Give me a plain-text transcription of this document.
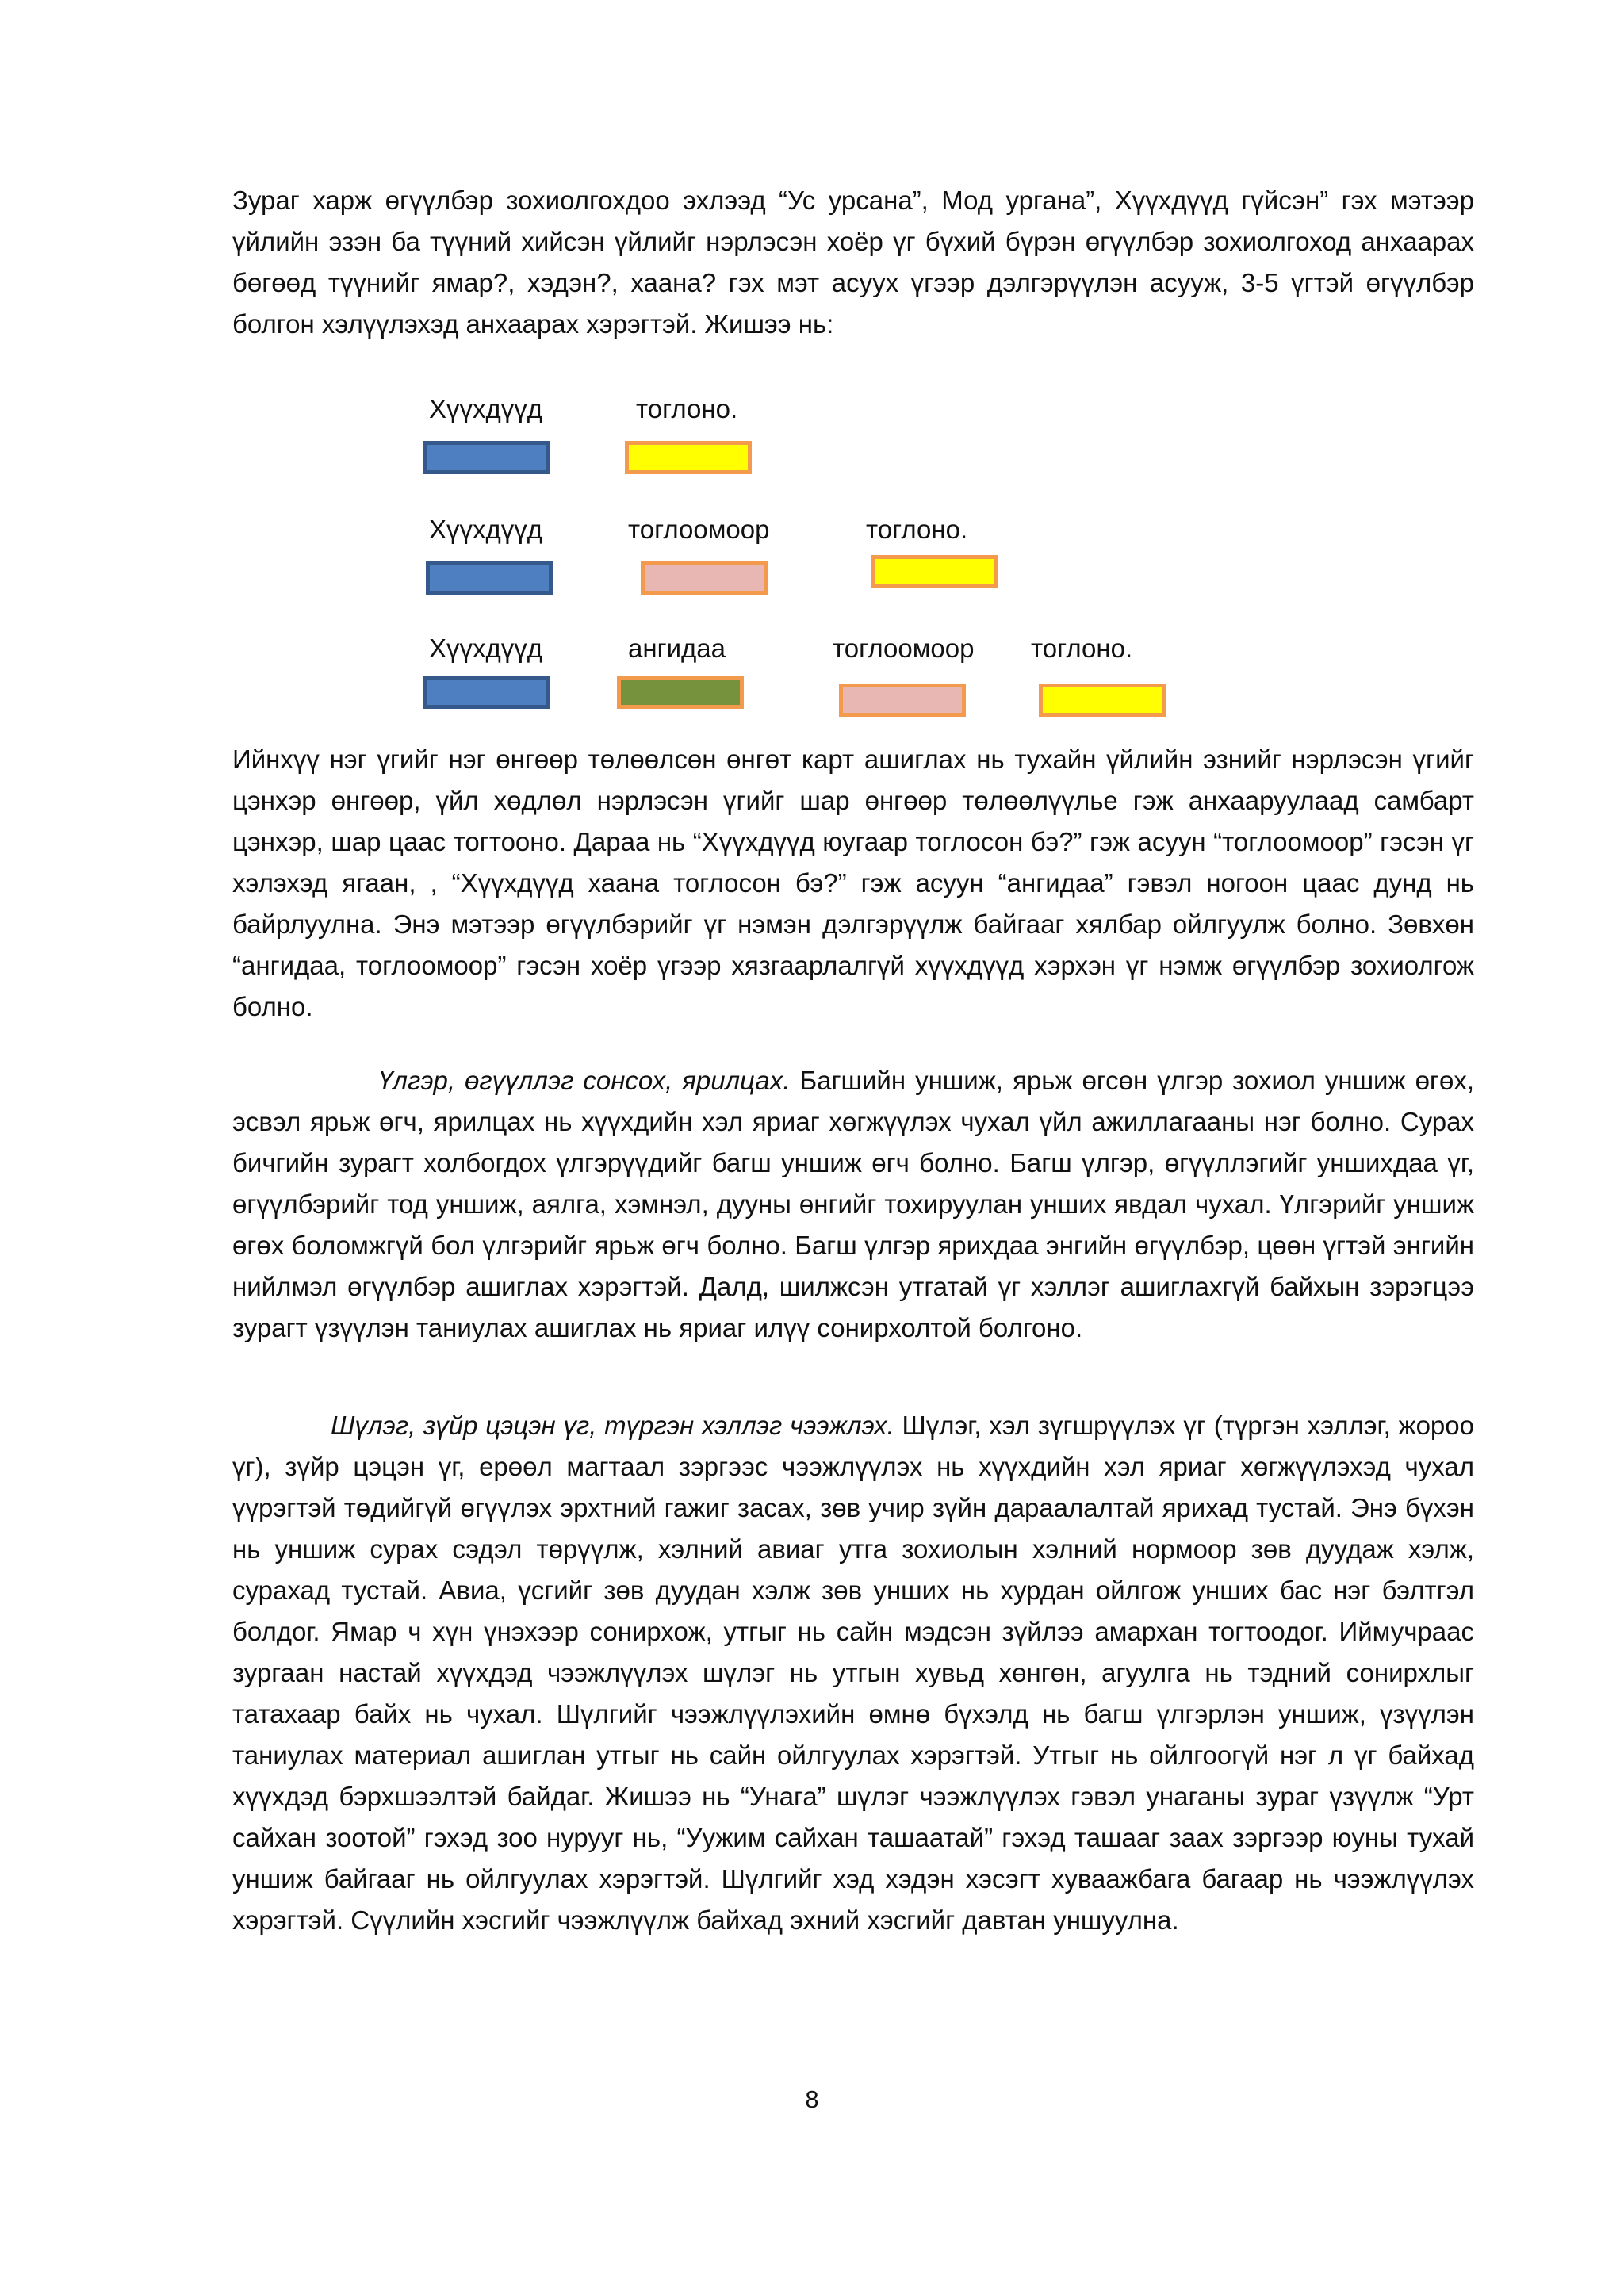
Зураг харж өгүүлбэр зохиолгохдоо эхлээд “Ус урсана”, Мод ургана”, Хүүхдүүд гүйсэн” гэх мэтээр үйлийн эзэн ба түүний хийсэн үйлийг нэрлэсэн хоёр үг бүхий бүрэн өгүүлбэр зохиолгоход анхаарах бөгөөд түүнийг ямар?, хэдэн?, хаана? гэх мэт асуух үгээр дэлгэрүүлэн асууж, 3-5 үгтэй өгүүлбэр болгон хэлүүлэхэд анхаарах хэрэгтэй. Жишээ нь:

Хүүхдүүд	тоглоно.
Хүүхдүүд	тоглоомоор	тоглоно.
Хүүхдүүд	ангидаа	тоглоомоор тоглоно.

Ийнхүү нэг үгийг нэг өнгөөр төлөөлсөн өнгөт карт ашиглах нь тухайн үйлийн эзнийг нэрлэсэн үгийг цэнхэр өнгөөр, үйл хөдлөл нэрлэсэн үгийг шар өнгөөр төлөөлүүлье гэж анхааруулаад самбарт цэнхэр, шар цаас тогтооно. Дараа нь “Хүүхдүүд юугаар тоглосон бэ?” гэж асуун “тоглоомоор” гэсэн үг хэлэхэд ягаан, , “Хүүхдүүд хаана тоглосон бэ?” гэж асуун “ангидаа” гэвэл ногоон цаас дунд нь байрлуулна. Энэ мэтээр өгүүлбэрийг үг нэмэн дэлгэрүүлж байгааг хялбар ойлгуулж болно. Зөвхөн “ангидаа, тоглоомоор” гэсэн хоёр үгээр хязгаарлалгүй хүүхдүүд хэрхэн үг нэмж өгүүлбэр зохиолгож болно.

Үлгэр, өгүүллэг сонсох, ярилцах. Багшийн уншиж, ярьж өгсөн үлгэр зохиол уншиж өгөх, эсвэл ярьж өгч, ярилцах нь хүүхдийн хэл яриаг хөгжүүлэх чухал үйл ажиллагааны нэг болно. Сурах бичгийн зурагт холбогдох үлгэрүүдийг багш уншиж өгч болно. Багш үлгэр, өгүүллэгийг уншихдаа үг, өгүүлбэрийг тод уншиж, аялга, хэмнэл, дууны өнгийг тохируулан унших явдал чухал. Үлгэрийг уншиж өгөх боломжгүй бол үлгэрийг ярьж өгч болно. Багш үлгэр ярихдаа энгийн өгүүлбэр, цөөн үгтэй энгийн нийлмэл өгүүлбэр ашиглах хэрэгтэй. Далд, шилжсэн утгатай үг хэллэг ашиглахгүй байхын зэрэгцээ зурагт үзүүлэн таниулах ашиглах нь яриаг илүү сонирхолтой болгоно.

Шүлэг, зүйр цэцэн үг, түргэн хэллэг чээжлэх. Шүлэг, хэл зүгшрүүлэх үг (түргэн хэллэг, жороо үг), зүйр цэцэн үг, ерөөл магтаал зэргээс чээжлүүлэх нь хүүхдийн хэл яриаг хөгжүүлэхэд чухал үүрэгтэй төдийгүй өгүүлэх эрхтний гажиг засах, зөв учир зүйн дараалалтай ярихад тустай. Энэ бүхэн нь уншиж сурах сэдэл төрүүлж, хэлний авиаг утга зохиолын хэлний нормоор зөв дуудаж хэлж, сурахад тустай. Авиа, үсгийг зөв дуудан хэлж зөв унших нь хурдан ойлгож унших бас нэг бэлтгэл болдог. Ямар ч хүн үнэхээр сонирхож, утгыг нь сайн мэдсэн зүйлээ амархан тогтоодог. Иймучраас зургаан настай хүүхдэд чээжлүүлэх шүлэг нь утгын хувьд хөнгөн, агуулга нь тэдний сонирхлыг татахаар байх нь чухал. Шүлгийг чээжлүүлэхийн өмнө бүхэлд нь багш үлгэрлэн уншиж, үзүүлэн таниулах материал ашиглан утгыг нь сайн ойлгуулах хэрэгтэй. Утгыг нь ойлгоогүй нэг л үг байхад хүүхдэд бэрхшээлтэй байдаг. Жишээ нь “Унага” шүлэг чээжлүүлэх гэвэл унаганы зураг үзүүлж “Урт сайхан зоотой” гэхэд зоо нурууг нь, “Уужим сайхан ташаатай” гэхэд ташааг заах зэргээр юуны тухай уншиж байгааг нь ойлгуулах хэрэгтэй. Шүлгийг хэд хэдэн хэсэгт хуваажбага багаар нь чээжлүүлэх хэрэгтэй. Сүүлийн хэсгийг чээжлүүлж байхад эхний хэсгийг давтан уншуулна.

8
